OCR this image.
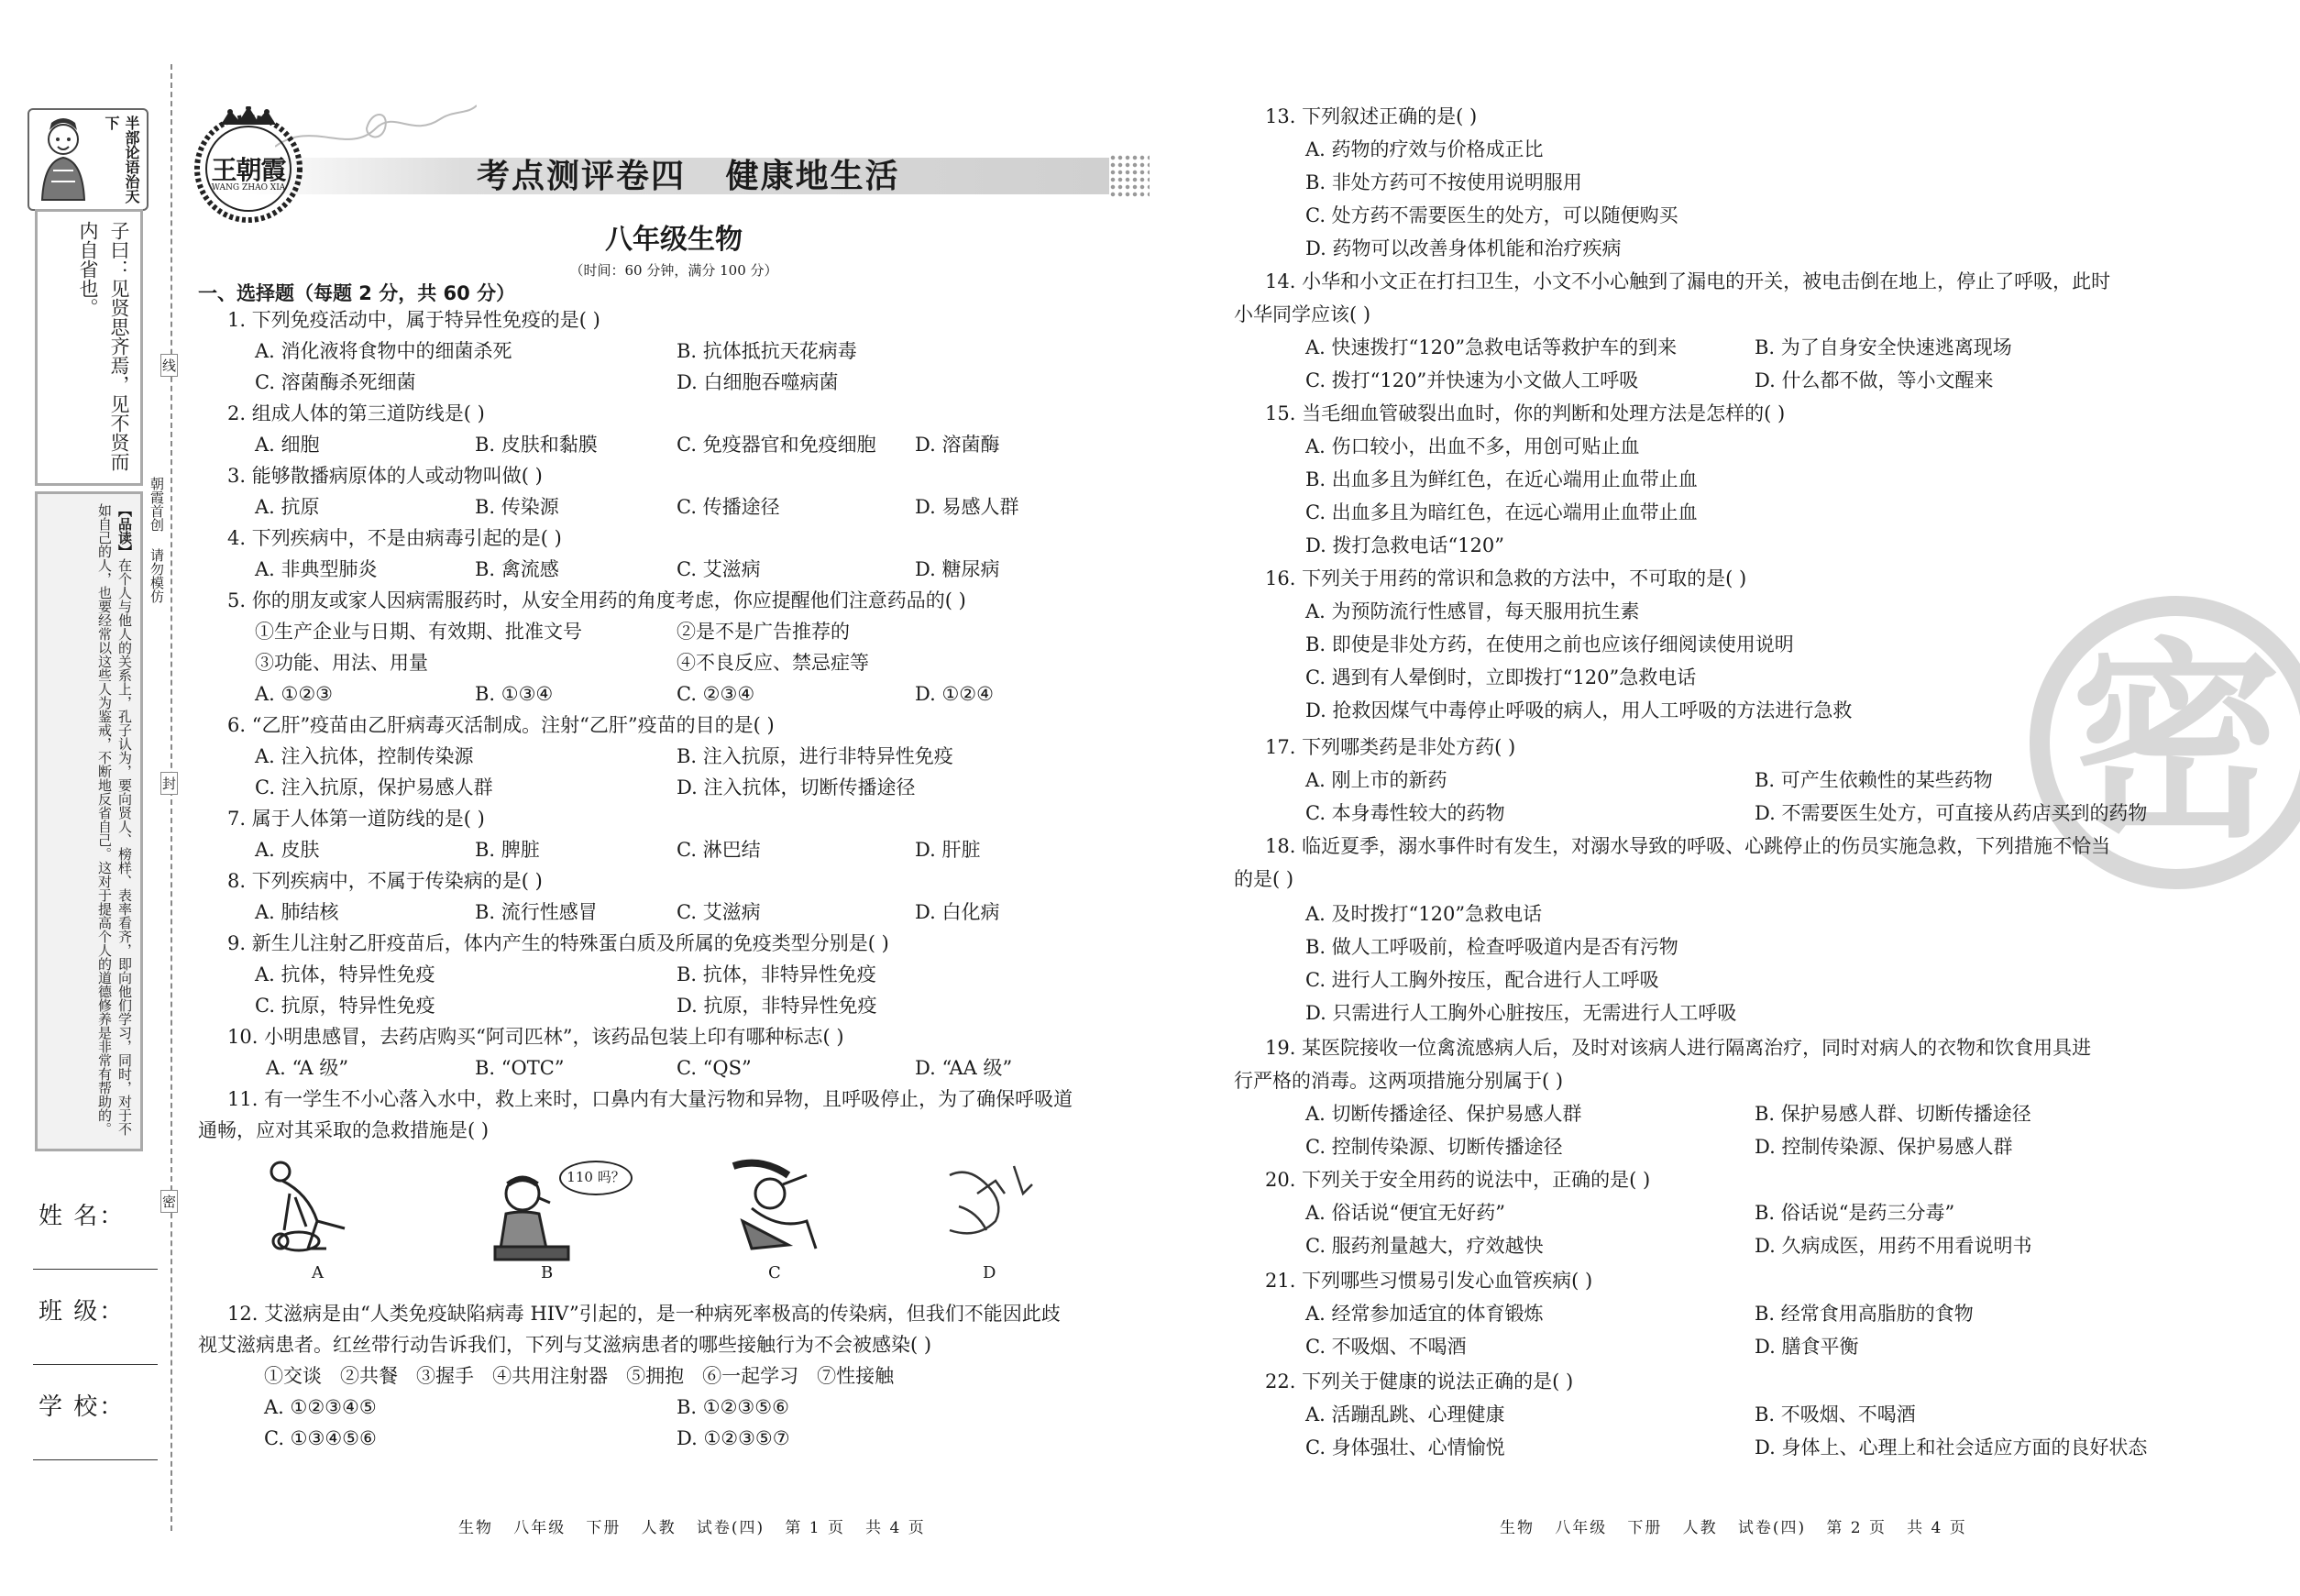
半部论语治天下
子曰：见贤思齐焉，见不贤而内自省也。
【品读】在个人与他人的关系上，孔子认为，要向贤人、榜样、表率看齐，即向他们学习，同时，对于不如自己的人，也要经常以这些人为鉴戒，不断地反省自己。这对于提高个人的道德修养是非常有帮助的。
线
封
密
朝霞首创 请勿模仿
姓 名：
班 级：
学 校：
王朝霞
WANG ZHAO XIA	考点测评卷四   健康地生活
八年级生物
（时间：60 分钟，满分 100 分）
一、选择题（每题 2 分，共 60 分）
1. 下列免疫活动中，属于特异性免疫的是( )
A. 消化液将食物中的细菌杀死	B. 抗体抵抗天花病毒
C. 溶菌酶杀死细菌	D. 白细胞吞噬病菌
2. 组成人体的第三道防线是( )
A. 细胞	B. 皮肤和黏膜	C. 免疫器官和免疫细胞 D. 溶菌酶
3. 能够散播病原体的人或动物叫做( )
A. 抗原	B. 传染源	C. 传播途径	D. 易感人群
4. 下列疾病中，不是由病毒引起的是( )
A. 非典型肺炎	B. 禽流感	C. 艾滋病	D. 糖尿病
5. 你的朋友或家人因病需服药时，从安全用药的角度考虑，你应提醒他们注意药品的( )
①生产企业与日期、有效期、批准文号	②是不是广告推荐的
③功能、用法、用量	④不良反应、禁忌症等
A. ①②③	B. ①③④	C. ②③④	D. ①②④
6. “乙肝”疫苗由乙肝病毒灭活制成。注射“乙肝”疫苗的目的是( )
A. 注入抗体，控制传染源	B. 注入抗原，进行非特异性免疫
C. 注入抗原，保护易感人群	D. 注入抗体，切断传播途径
7. 属于人体第一道防线的是( )
A. 皮肤	B. 脾脏	C. 淋巴结	D. 肝脏
8. 下列疾病中，不属于传染病的是( )
A. 肺结核	B. 流行性感冒	C. 艾滋病	D. 白化病
9. 新生儿注射乙肝疫苗后，体内产生的特殊蛋白质及所属的免疫类型分别是( )
A. 抗体，特异性免疫	B. 抗体，非特异性免疫
C. 抗原，特异性免疫	D. 抗原，非特异性免疫
10. 小明患感冒，去药店购买“阿司匹林”，该药品包装上印有哪种标志( )
A. “A 级”	B. “OTC”	C. “QS”	D. “AA 级”
11. 有一学生不小心落入水中，救上来时，口鼻内有大量污物和异物，且呼吸停止，为了确保呼吸道
通畅，应对其采取的急救措施是( )
A
110 吗？
B	C	D
12. 艾滋病是由“人类免疫缺陷病毒 HIV”引起的，是一种病死率极高的传染病，但我们不能因此歧
视艾滋病患者。红丝带行动告诉我们，下列与艾滋病患者的哪些接触行为不会被感染( )
①交谈   ②共餐   ③握手   ④共用注射器   ⑤拥抱   ⑥一起学习   ⑦性接触
A. ①②③④⑤	B. ①②③⑤⑥
C. ①③④⑤⑥	D. ①②③⑤⑦
密
13. 下列叙述正确的是( )
A. 药物的疗效与价格成正比
B. 非处方药可不按使用说明服用
C. 处方药不需要医生的处方，可以随便购买
D. 药物可以改善身体机能和治疗疾病
14. 小华和小文正在打扫卫生，小文不小心触到了漏电的开关，被电击倒在地上，停止了呼吸，此时
小华同学应该( )
A. 快速拨打“120”急救电话等救护车的到来	B. 为了自身安全快速逃离现场
C. 拨打“120”并快速为小文做人工呼吸	D. 什么都不做，等小文醒来
15. 当毛细血管破裂出血时，你的判断和处理方法是怎样的( )
A. 伤口较小，出血不多，用创可贴止血
B. 出血多且为鲜红色，在近心端用止血带止血
C. 出血多且为暗红色，在远心端用止血带止血
D. 拨打急救电话“120”
16. 下列关于用药的常识和急救的方法中，不可取的是( )
A. 为预防流行性感冒，每天服用抗生素
B. 即使是非处方药，在使用之前也应该仔细阅读使用说明
C. 遇到有人晕倒时，立即拨打“120”急救电话
D. 抢救因煤气中毒停止呼吸的病人，用人工呼吸的方法进行急救
17. 下列哪类药是非处方药( )
A. 刚上市的新药	B. 可产生依赖性的某些药物
C. 本身毒性较大的药物	D. 不需要医生处方，可直接从药店买到的药物
18. 临近夏季，溺水事件时有发生，对溺水导致的呼吸、心跳停止的伤员实施急救，下列措施不恰当
的是( )
A. 及时拨打“120”急救电话
B. 做人工呼吸前，检查呼吸道内是否有污物
C. 进行人工胸外按压，配合进行人工呼吸
D. 只需进行人工胸外心脏按压，无需进行人工呼吸
19. 某医院接收一位禽流感病人后，及时对该病人进行隔离治疗，同时对病人的衣物和饮食用具进
行严格的消毒。这两项措施分别属于( )
A. 切断传播途径、保护易感人群	B. 保护易感人群、切断传播途径
C. 控制传染源、切断传播途径	D. 控制传染源、保护易感人群
20. 下列关于安全用药的说法中，正确的是( )
A. 俗话说“便宜无好药”	B. 俗话说“是药三分毒”
C. 服药剂量越大，疗效越快	D. 久病成医，用药不用看说明书
21. 下列哪些习惯易引发心血管疾病( )
A. 经常参加适宜的体育锻炼	B. 经常食用高脂肪的食物
C. 不吸烟、不喝酒	D. 膳食平衡
22. 下列关于健康的说法正确的是( )
A. 活蹦乱跳、心理健康	B. 不吸烟、不喝酒
C. 身体强壮、心情愉悦	D. 身体上、心理上和社会适应方面的良好状态
生物   八年级   下册   人教   试卷(四)   第 1 页   共 4 页	生物   八年级   下册   人教   试卷(四)   第 2 页   共 4 页
